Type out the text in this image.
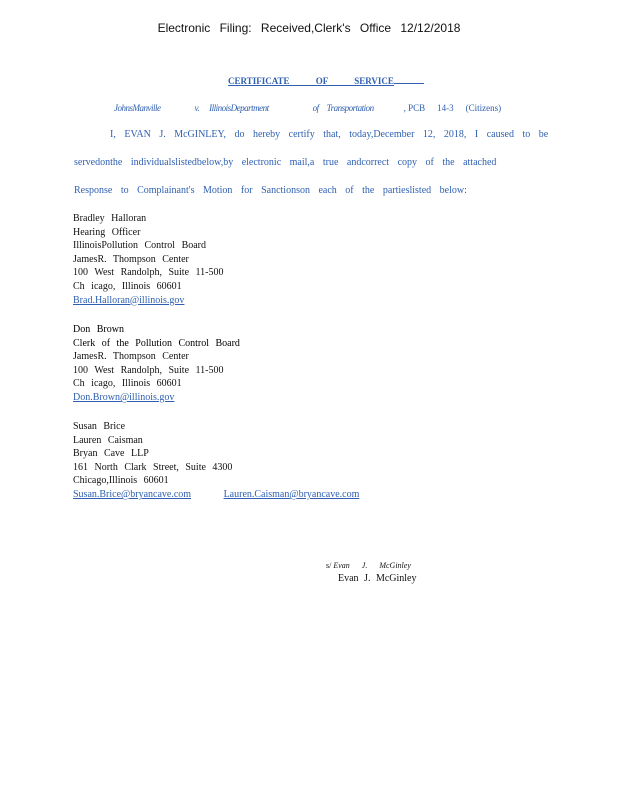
Electronic Filing: Received,Clerk's Office 12/12/2018
CERTIFICATE OF SERVICE
JohnsManville	v. IllinoisDepartment	of Transportation	, PCB 14-3 (Citizens)
I, EVAN J. McGINLEY, do hereby certify that, today,December 12, 2018, I caused to be
servedonthe individualslistedbelow,by electronic mail,a true andcorrect copy of the attached
Response to Complainant's Motion for Sanctionson each of the partieslisted below:
Bradley Halloran
Hearing Officer
IllinoisPollution Control Board
JamesR. Thompson Center
100 West Randolph, Suite 11-500
Ch icago, Illinois 60601
Brad.Halloran@illinois.gov
Don Brown
Clerk of the Pollution Control Board
JamesR. Thompson Center
100 West Randolph, Suite 11-500
Ch icago, Illinois 60601
Don.Brown@illinois.gov
Susan Brice
Lauren Caisman
Bryan Cave LLP
161 North Clark Street, Suite 4300
Chicago,Illinois 60601
Susan.Brice@bryancave.com	Lauren.Caisman@bryancave.com
s/ Evan J. McGinley
Evan J. McGinley
